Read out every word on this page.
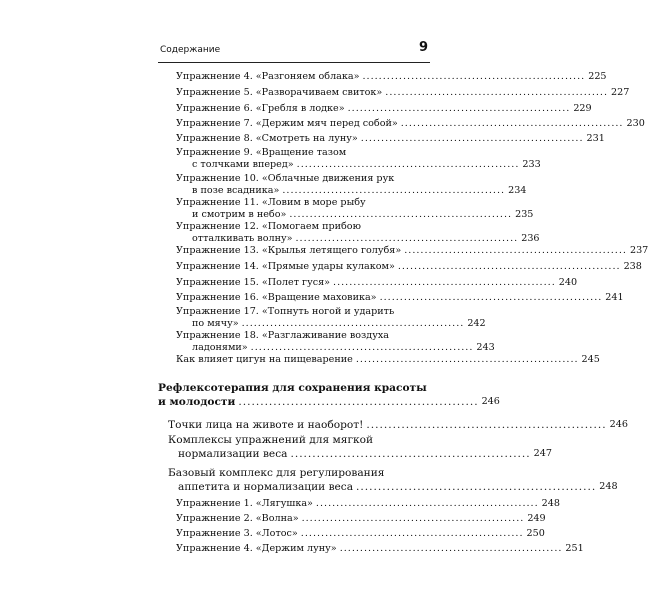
Содержание	9
Упражнение 4. «Разгоняем облака» ....................................................... 225
Упражнение 5. «Разворачиваем свиток» ....................................................... 227
Упражнение 6. «Гребля в лодке» ....................................................... 229
Упражнение 7. «Держим мяч перед собой» ....................................................... 230
Упражнение 8. «Смотреть на луну» ....................................................... 231
Упражнение 9. «Вращение тазом
с толчками вперед» ....................................................... 233
Упражнение 10. «Облачные движения рук
в позе всадника» ....................................................... 234
Упражнение 11. «Ловим в море рыбу
и смотрим в небо» ....................................................... 235
Упражнение 12. «Помогаем прибою
отталкивать волну» ....................................................... 236
Упражнение 13. «Крылья летящего голубя» ....................................................... 237
Упражнение 14. «Прямые удары кулаком» ....................................................... 238
Упражнение 15. «Полет гуся» ....................................................... 240
Упражнение 16. «Вращение маховика» ....................................................... 241
Упражнение 17. «Топнуть ногой и ударить
по мячу» ....................................................... 242
Упражнение 18. «Разглаживание воздуха
ладонями» ....................................................... 243
Как влияет цигун на пищеварение ....................................................... 245
Рефлексотерапия для сохранения красоты
и молодости ....................................................... 246
Точки лица на животе и наоборот! ....................................................... 246
Комплексы упражнений для мягкой
нормализации веса ....................................................... 247
Базовый комплекс для регулирования
аппетита и нормализации веса ....................................................... 248
Упражнение 1. «Лягушка» ....................................................... 248
Упражнение 2. «Волна» ....................................................... 249
Упражнение 3. «Лотос» ....................................................... 250
Упражнение 4. «Держим луну» ....................................................... 251
